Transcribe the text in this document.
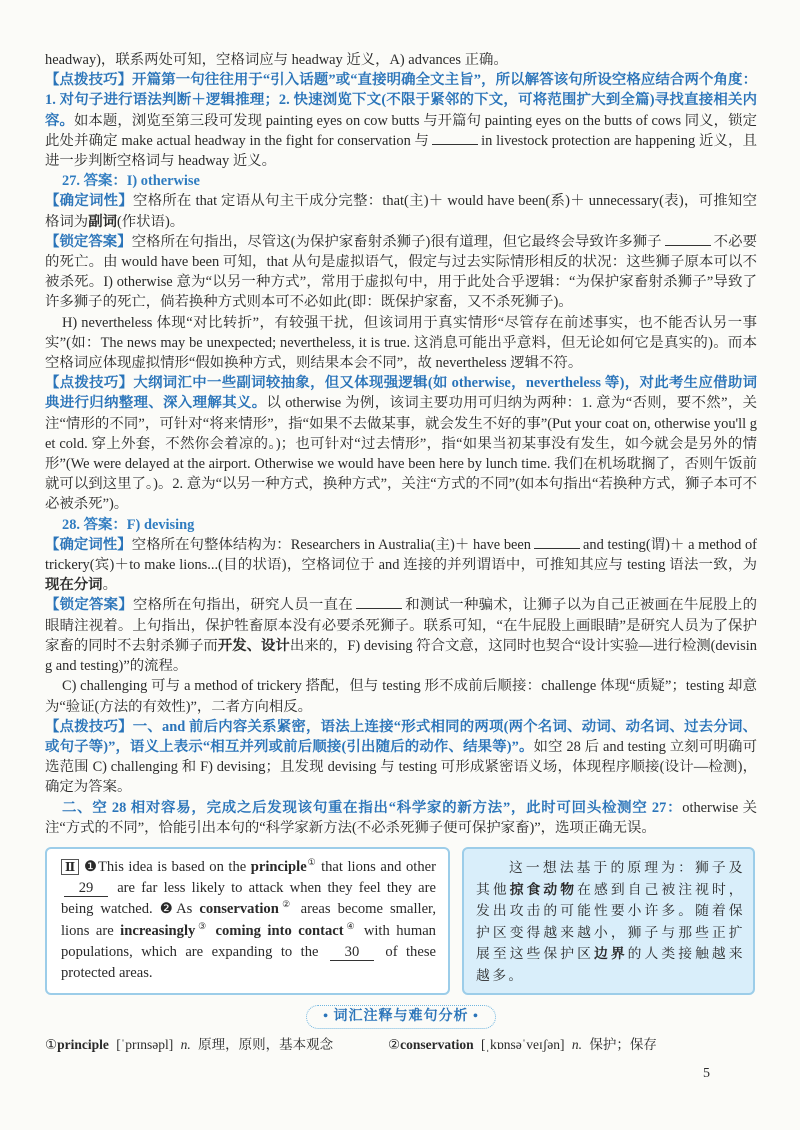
headway)，联系两处可知，空格词应与 headway 近义，A) advances 正确。

【点拨技巧】开篇第一句往往用于“引入话题”或“直接明确全文主旨”，所以解答该句所设空格应结合两个角度：1. 对句子进行语法判断＋逻辑推理；2. 快速浏览下文(不限于紧邻的下文，可将范围扩大到全篇)寻找直接相关内容。如本题，浏览至第三段可发现 painting eyes on cow butts 与开篇句 painting eyes on the butts of cows 同义，锁定此处并确定 make actual headway in the fight for conservation 与	in livestock protection are happening 近义，且进一步判断空格词与 headway 近义。

27. 答案：I) otherwise

【确定词性】空格所在 that 定语从句主干成分完整：that(主)＋ would have been(系)＋ unnecessary(表)，可推知空格词为副词(作状语)。

【锁定答案】空格所在句指出，尽管这(为保护家畜射杀狮子)很有道理，但它最终会导致许多狮子	不必要的死亡。由 would have been 可知，that 从句是虚拟语气，假定与过去实际情形相反的状况：这些狮子原本可以不被杀死。I) otherwise 意为“以另一种方式”，常用于虚拟句中，用于此处合乎逻辑：“为保护家畜射杀狮子”导致了许多狮子的死亡，倘若换种方式则本可不必如此(即：既保护家畜，又不杀死狮子)。

H) nevertheless 体现“对比转折”，有较强干扰，但该词用于真实情形“尽管存在前述事实，也不能否认另一事实”(如：The news may be unexpected; nevertheless, it is true. 这消息可能出乎意料，但无论如何它是真实的)。而本空格词应体现虚拟情形“假如换种方式，则结果本会不同”，故 nevertheless 逻辑不符。

【点拨技巧】大纲词汇中一些副词较抽象，但又体现强逻辑(如 otherwise，nevertheless 等)，对此考生应借助词典进行归纳整理、深入理解其义。以 otherwise 为例，该词主要功用可归纳为两种：1. 意为“否则，要不然”，关注“情形的不同”，可针对“将来情形”，指“如果不去做某事，就会发生不好的事”(Put your coat on, otherwise you'll get cold. 穿上外套，不然你会着凉的。)；也可针对“过去情形”，指“如果当初某事没有发生，如今就会是另外的情形”(We were delayed at the airport. Otherwise we would have been here by lunch time. 我们在机场耽搁了，否则午饭前就可以到这里了。)。2. 意为“以另一种方式，换种方式”，关注“方式的不同”(如本句指出“若换种方式，狮子本可不必被杀死”)。

28. 答案：F) devising

【确定词性】空格所在句整体结构为：Researchers in Australia(主)＋ have been	and testing(谓)＋ a method of trickery(宾)＋to make lions...(目的状语)，空格词位于 and 连接的并列谓语中，可推知其应与 testing 语法一致，为现在分词。

【锁定答案】空格所在句指出，研究人员一直在	和测试一种骗术，让狮子以为自己正被画在牛屁股上的眼睛注视着。上句指出，保护牲畜原本没有必要杀死狮子。联系可知，“在牛屁股上画眼睛”是研究人员为了保护家畜的同时不去射杀狮子而开发、设计出来的，F) devising 符合文意，这同时也契合“设计实验—进行检测(devising and testing)”的流程。

C) challenging 可与 a method of trickery 搭配，但与 testing 形不成前后顺接：challenge 体现“质疑”；testing 却意为“验证(方法的有效性)”，二者方向相反。

【点拨技巧】一、and 前后内容关系紧密，语法上连接“形式相同的两项(两个名词、动词、动名词、过去分词、或句子等)”，语义上表示“相互并列或前后顺接(引出随后的动作、结果等)”。如空 28 后 and testing 立刻可明确可选范围 C) challenging 和 F) devising；且发现 devising 与 testing 可形成紧密语义场，体现程序顺接(设计—检测)，确定为答案。

二、空 28 相对容易，完成之后发现该句重在指出“科学家的新方法”，此时可回头检测空 27：otherwise 关注“方式的不同”，恰能引出本句的“科学家新方法(不必杀死狮子便可保护家畜)”，选项正确无误。

Ⅱ ❶This idea is based on the principle① that lions and other 29 are far less likely to attack when they feel they are being watched. ❷As conservation② areas become smaller, lions are increasingly③ coming into contact④ with human populations, which are expanding to the 30 of these protected areas.
这一想法基于的原理为：狮子及其他掠食动物在感到自己被注视时，发出攻击的可能性要小许多。随着保护区变得越来越小，狮子与那些正扩展至这些保护区边界的人类接触越来越多。
• 词汇注释与难句分析 •
①principle [ˈprɪnsəpl] n. 原理，原则，基本观念	②conservation [ˌkɒnsəˈveɪʃən] n. 保护；保存
5
